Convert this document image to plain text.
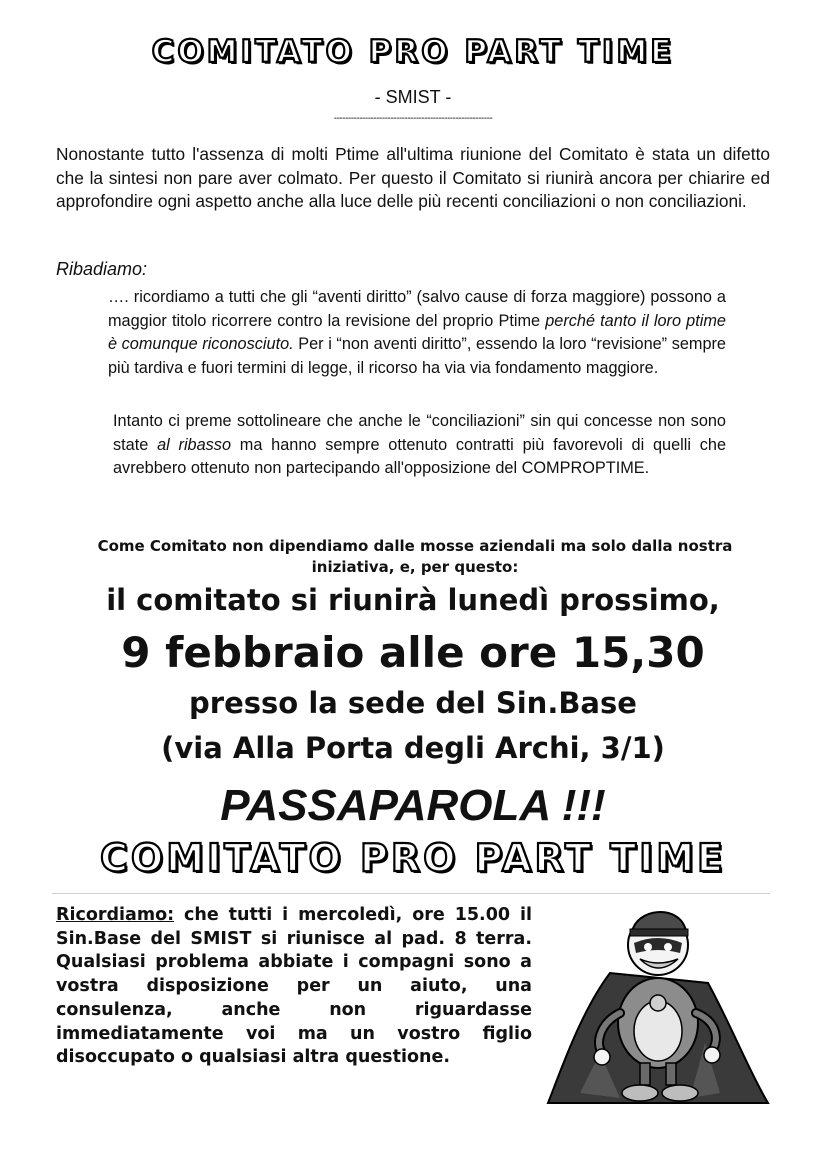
COMITATO PRO PART TIME
- SMIST -
--------------------------------------------------------

Nonostante tutto l'assenza di molti Ptime all'ultima riunione del Comitato è stata un difetto che la sintesi non pare aver colmato. Per questo il Comitato si riunirà ancora per chiarire ed approfondire ogni aspetto anche alla luce delle più recenti conciliazioni o non conciliazioni.

Ribadiamo:

…. ricordiamo a tutti che gli “aventi diritto” (salvo cause di forza maggiore) possono a maggior titolo ricorrere contro la revisione del proprio Ptime perché tanto il loro ptime è comunque riconosciuto. Per i “non aventi diritto”, essendo la loro “revisione” sempre più tardiva e fuori termini di legge, il ricorso ha via via fondamento maggiore.

Intanto ci preme sottolineare che anche le “conciliazioni” sin qui concesse non sono state al ribasso ma hanno sempre ottenuto contratti più favorevoli di quelli che avrebbero ottenuto non partecipando all'opposizione del COMPROPTIME.

Come Comitato non dipendiamo dalle mosse aziendali ma solo dalla nostra iniziativa, e, per questo:

il comitato si riunirà lunedì prossimo,
9 febbraio alle ore 15,30
presso la sede del Sin.Base
(via Alla Porta degli Archi, 3/1)
PASSAPAROLA !!!
COMITATO PRO PART TIME

Ricordiamo: che tutti i mercoledì, ore 15.00 il Sin.Base del SMIST si riunisce al pad. 8 terra. Qualsiasi problema abbiate i compagni sono a vostra disposizione per un aiuto, una consulenza, anche non riguardasse immediatamente voi ma un vostro figlio disoccupato o qualsiasi altra questione.
